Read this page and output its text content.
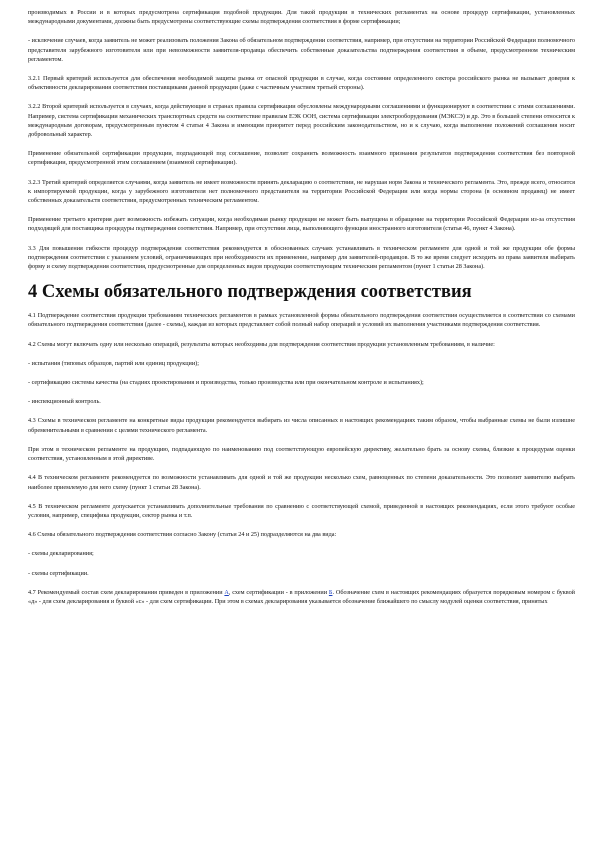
производимых в России и в которых предусмотрена сертификация подобной продукции. Для такой продукции в технических регламентах на основе процедур сертификации, установленных международными документами, должны быть предусмотрены соответствующие схемы подтверждения соответствия в форме сертификации;

- исключение случаев, когда заявитель не может реализовать положения Закона об обязательном подтверждении соответствия, например, при отсутствии на территории Российской Федерации полномочного представителя зарубежного изготовителя или при невозможности заявителя-продавца обеспечить собственные доказательства подтверждения соответствия в объеме, предусмотренном техническим регламентом.

3.2.1 Первый критерий используется для обеспечения необходимой защиты рынка от опасной продукции в случае, когда состояние определенного сектора российского рынка не вызывает доверия к объективности декларирования соответствия поставщиками данной продукции (даже с частичным участием третьей стороны).

3.2.2 Второй критерий используется в случаях, когда действующие в странах правила сертификации обусловлены международными соглашениями и функционируют в соответствии с этими соглашениями. Например, система сертификации механических транспортных средств на соответствие правилам ЕЭК ООН, система сертификации электрооборудования (МЭКСЭ) и др. Это в большей степени относится к международным договорам, предусмотренным пунктом 4 статьи 4 Закона и имеющим приоритет перед российским законодательством, но и к случаю, когда выполнение положений соглашения носит добровольный характер.

Применение обязательной сертификации продукции, подпадающей под соглашение, позволит сохранить возможность взаимного признания результатов подтверждения соответствия без повторной сертификации, предусмотренной этим соглашением (взаимной сертификации).

3.2.3 Третий критерий определяется случаями, когда заявитель не имеет возможности принять декларацию о соответствии, не нарушая норм Закона и технического регламента. Это, прежде всего, относится к импортируемой продукции, когда у зарубежного изготовителя нет полномочного представителя на территории Российской Федерации или когда нормы сторона (в основном продавец) не имеет собственных доказательств соответствия, предусмотренных техническим регламентом.

Применение третьего критерия дает возможность избежать ситуации, когда необходимая рынку продукция не может быть выпущена в обращение на территории Российской Федерации из-за отсутствия подходящей для поставщика процедуры подтверждения соответствия. Например, при отсутствии лица, выполняющего функции иностранного изготовителя (статья 46, пункт 4 Закона).

3.3 Для повышения гибкости процедур подтверждения соответствия рекомендуется в обоснованных случаях устанавливать в техническом регламенте для одной и той же продукции обе формы подтверждения соответствия с указанием условий, ограничивающих при необходимости их применение, например для заявителей-продавцов. В то же время следует исходить из права заявителя выбирать форму и схему подтверждения соответствия, предусмотренные для определенных видов продукции соответствующим техническим регламентом (пункт 1 статьи 28 Закона).

4 Схемы обязательного подтверждения соответствия

4.1 Подтверждение соответствия продукции требованиям технических регламентов в рамках установленной формы обязательного подтверждения соответствия осуществляется в соответствии со схемами обязательного подтверждения соответствия (далее - схемы), каждая из которых представляет собой полный набор операций и условий их выполнения участниками подтверждения соответствия.

4.2 Схемы могут включать одну или несколько операций, результаты которых необходимы для подтверждения соответствия продукции установленным требованиям, в наличие:

- испытания (типовых образцов, партий или единиц продукции);

- сертификацию системы качества (на стадиях проектирования и производства, только производства или при окончательном контроле и испытаниях);

- инспекционный контроль.

4.3 Схемы в техническом регламенте на конкретные виды продукции рекомендуется выбирать из числа описанных в настоящих рекомендациях таким образом, чтобы выбранные схемы не были излишне обременительными в сравнении с целями технического регламента.

При этом в техническом регламенте на продукцию, подпадающую по наименованию под соответствующую европейскую директиву, желательно брать за основу схемы, близкие к процедурам оценки соответствия, установленным в этой директиве.

4.4 В техническом регламенте рекомендуется по возможности устанавливать для одной и той же продукции несколько схем, равноценных по степени доказательности. Это позволит заявителю выбрать наиболее приемлемую для него схему (пункт 1 статьи 28 Закона).

4.5 В техническом регламенте допускается устанавливать дополнительные требования по сравнению с соответствующей схемой, приведенной в настоящих рекомендациях, если этого требуют особые условия, например, специфика продукции, сектор рынка и т.п.

4.6 Схемы обязательного подтверждения соответствия согласно Закону (статьи 24 и 25) подразделяются на два вида:

- схемы декларирования;

- схемы сертификации.

4.7 Рекомендуемый состав схем декларирования приведен в приложении А, схем сертификации - в приложении Б. Обозначение схем в настоящих рекомендациях образуется порядковым номером с буквой «д» - для схем декларирования и буквой «с» - для схем сертификации. При этом в схемах декларирования указывается обозначение ближайшего по смыслу модулей оценки соответствия, принятых
